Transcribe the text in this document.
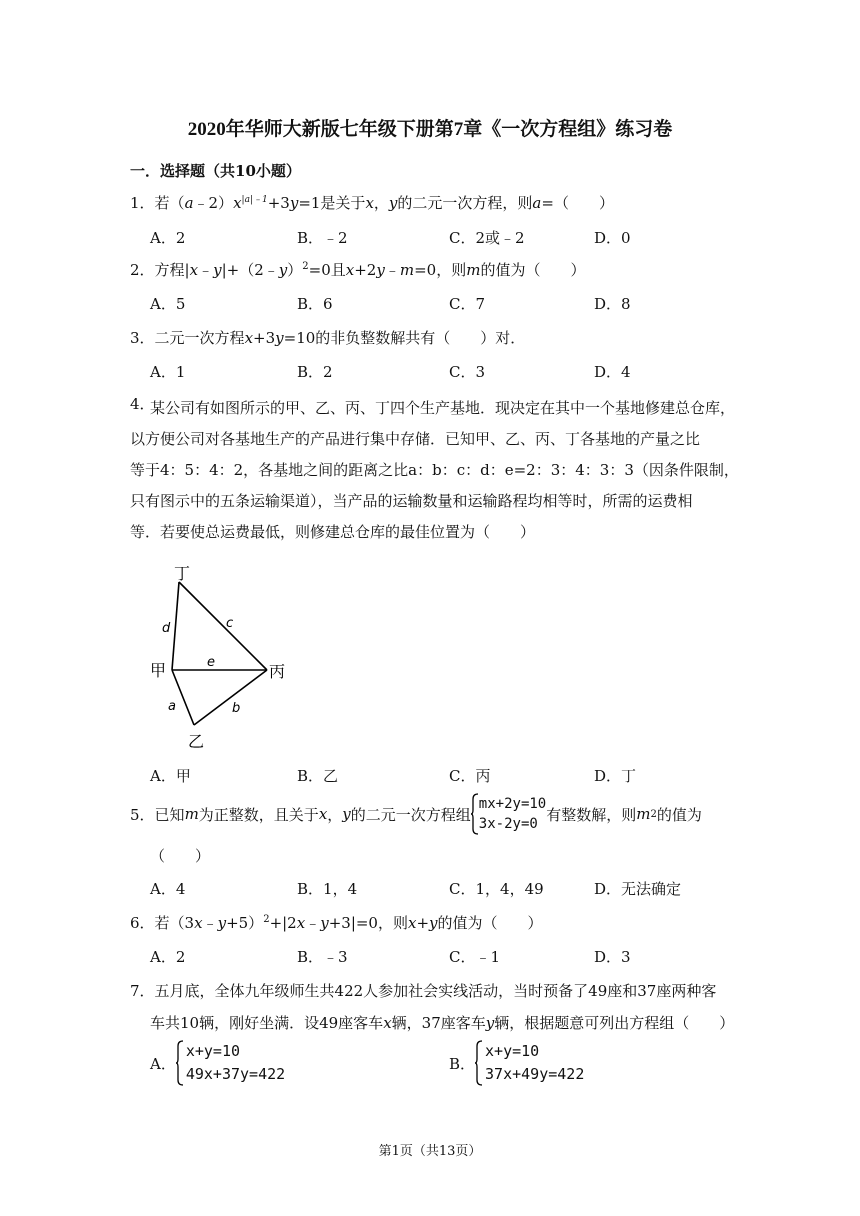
2020年华师大新版七年级下册第7章《一次方程组》练习卷
一．选择题（共10小题）
1．若$(a﹣2)x^{|a|﹣1}+3y=1$是关于x，y的二元一次方程，则a=（　　）
A．2	B．﹣2	C．2或﹣2	D．0
2．方程|x﹣y|+（2﹣y）$^2$=0且x+2y﹣m=0，则m的值为（　　）
A．5	B．6	C．7	D．8
3．二元一次方程x+3y=10的非负整数解共有（　　）对．
A．1	B．2	C．3	D．4
4．
某公司有如图所示的甲、乙、丙、丁四个生产基地．现决定在其中一个基地修建总仓库，
以方便公司对各基地生产的产品进行集中存储．已知甲、乙、丙、丁各基地的产量之比
等于4：5：4：2，各基地之间的距离之比a：b：c：d：e=2：3：4：3：3（因条件限制，
只有图示中的五条运输渠道），当产品的运输数量和运输路程均相等时，所需的运费相
等．若要使总运费最低，则修建总仓库的最佳位置为（　　）
丁
甲	丙
乙
d	c
e
a	b
A．甲	B．乙	C．丙	D．丁
5． 已知 m 为正整数，且关于 x ， y 的二元一次方程组
mx+2y=10
3x-2y=0
有整数解，则 m 2 的值为
（　　）
A．4	B．1，4	C．1，4，49	D．无法确定
6．若（3x﹣y+5）$^2$+|2x﹣y+3|=0，则x+y的值为（　　）
A．2	B．﹣3	C．﹣1	D．3
7．五月底，全体九年级师生共422人参加社会实线活动，当时预备了49座和37座两种客
车共10辆，刚好坐满．设49座客车x辆，37座客车y辆，根据题意可列出方程组（　　）
A．
x+y=10
49x+37y=422
B．
x+y=10
37x+49y=422
第1页（共13页）
